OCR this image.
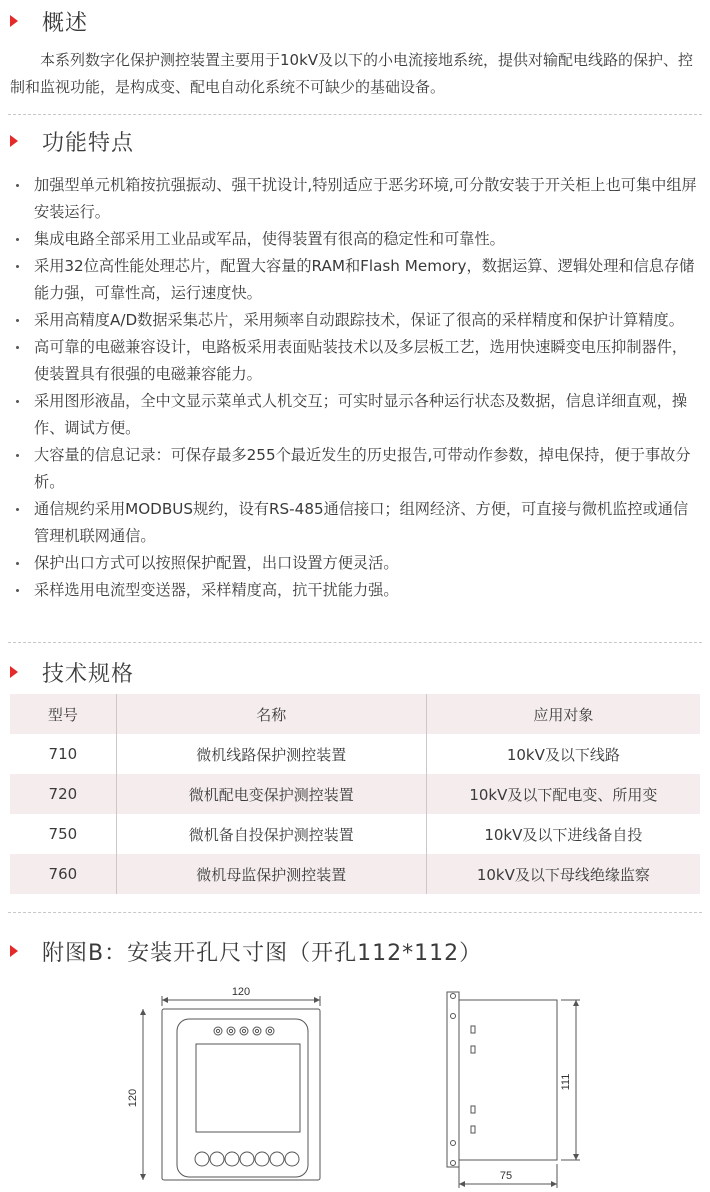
概述
本系列数字化保护测控装置主要用于10kV及以下的小电流接地系统，提供对输配电线路的保护、控制和监视功能，是构成变、配电自动化系统不可缺少的基础设备。
功能特点
加强型单元机箱按抗强振动、强干扰设计,特别适应于恶劣环境,可分散安装于开关柜上也可集中组屏安装运行。
集成电路全部采用工业品或军品，使得装置有很高的稳定性和可靠性。
采用32位高性能处理芯片，配置大容量的RAM和Flash Memory，数据运算、逻辑处理和信息存储能力强，可靠性高，运行速度快。
采用高精度A/D数据采集芯片，采用频率自动跟踪技术，保证了很高的采样精度和保护计算精度。
高可靠的电磁兼容设计，电路板采用表面贴装技术以及多层板工艺，选用快速瞬变电压抑制器件，使装置具有很强的电磁兼容能力。
采用图形液晶，全中文显示菜单式人机交互；可实时显示各种运行状态及数据，信息详细直观，操作、调试方便。
大容量的信息记录：可保存最多255个最近发生的历史报告,可带动作参数，掉电保持，便于事故分析。
通信规约采用MODBUS规约，设有RS-485通信接口；组网经济、方便，可直接与微机监控或通信管理机联网通信。
保护出口方式可以按照保护配置，出口设置方便灵活。
采样选用电流型变送器，采样精度高，抗干扰能力强。
技术规格
型号	名称	应用对象
710	微机线路保护测控装置	10kV及以下线路
720	微机配电变保护测控装置	10kV及以下配电变、所用变
750	微机备自投保护测控装置	10kV及以下进线备自投
760	微机母监保护测控装置	10kV及以下母线绝缘监察
附图B：安装开孔尺寸图（开孔112*112）
120
120
111
75
